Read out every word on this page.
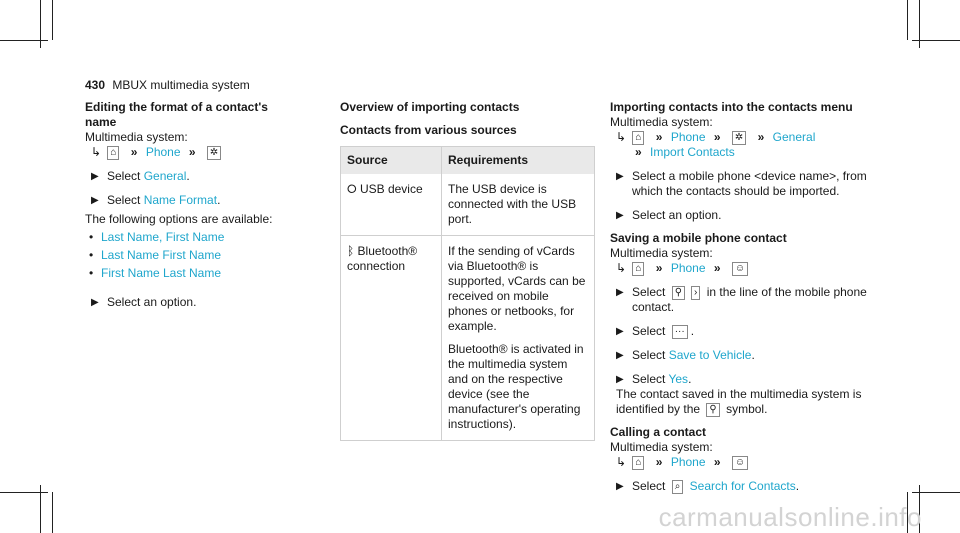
430 MBUX multimedia system
Editing the format of a contact's name

Multimedia system:

↳ ⌂ » Phone » ✲

▶ Select General.

▶ Select Name Format.

The following options are available:

• Last Name, First Name
• Last Name First Name
• First Name Last Name

▶ Select an option.

Overview of importing contacts
Contacts from various sources
Source	Requirements
⭘ USB device	The USB device is connected with the USB port.
ᛒ Bluetooth® connection	If the sending of vCards via Bluetooth® is supported, vCards can be received on mobile phones or netbooks, for example.

Bluetooth® is activated in the multimedia system and on the respective device (see the manufacturer's operating instructions).

Importing contacts into the contacts menu

Multimedia system:

↳ ⌂ » Phone » ✲ » General
» Import Contacts

▶ Select a mobile phone <device name>, from which the contacts should be imported.

▶ Select an option.

Saving a mobile phone contact

Multimedia system:

↳ ⌂ » Phone » ☺

▶ Select ⚲ › in the line of the mobile phone contact.

▶ Select ··· .

▶ Select Save to Vehicle.

▶ Select Yes.
The contact saved in the multimedia system is identified by the ⚲ symbol.
Calling a contact

Multimedia system:

↳ ⌂ » Phone » ☺

▶ Select ⌕ Search for Contacts.

carmanualsonline.info
